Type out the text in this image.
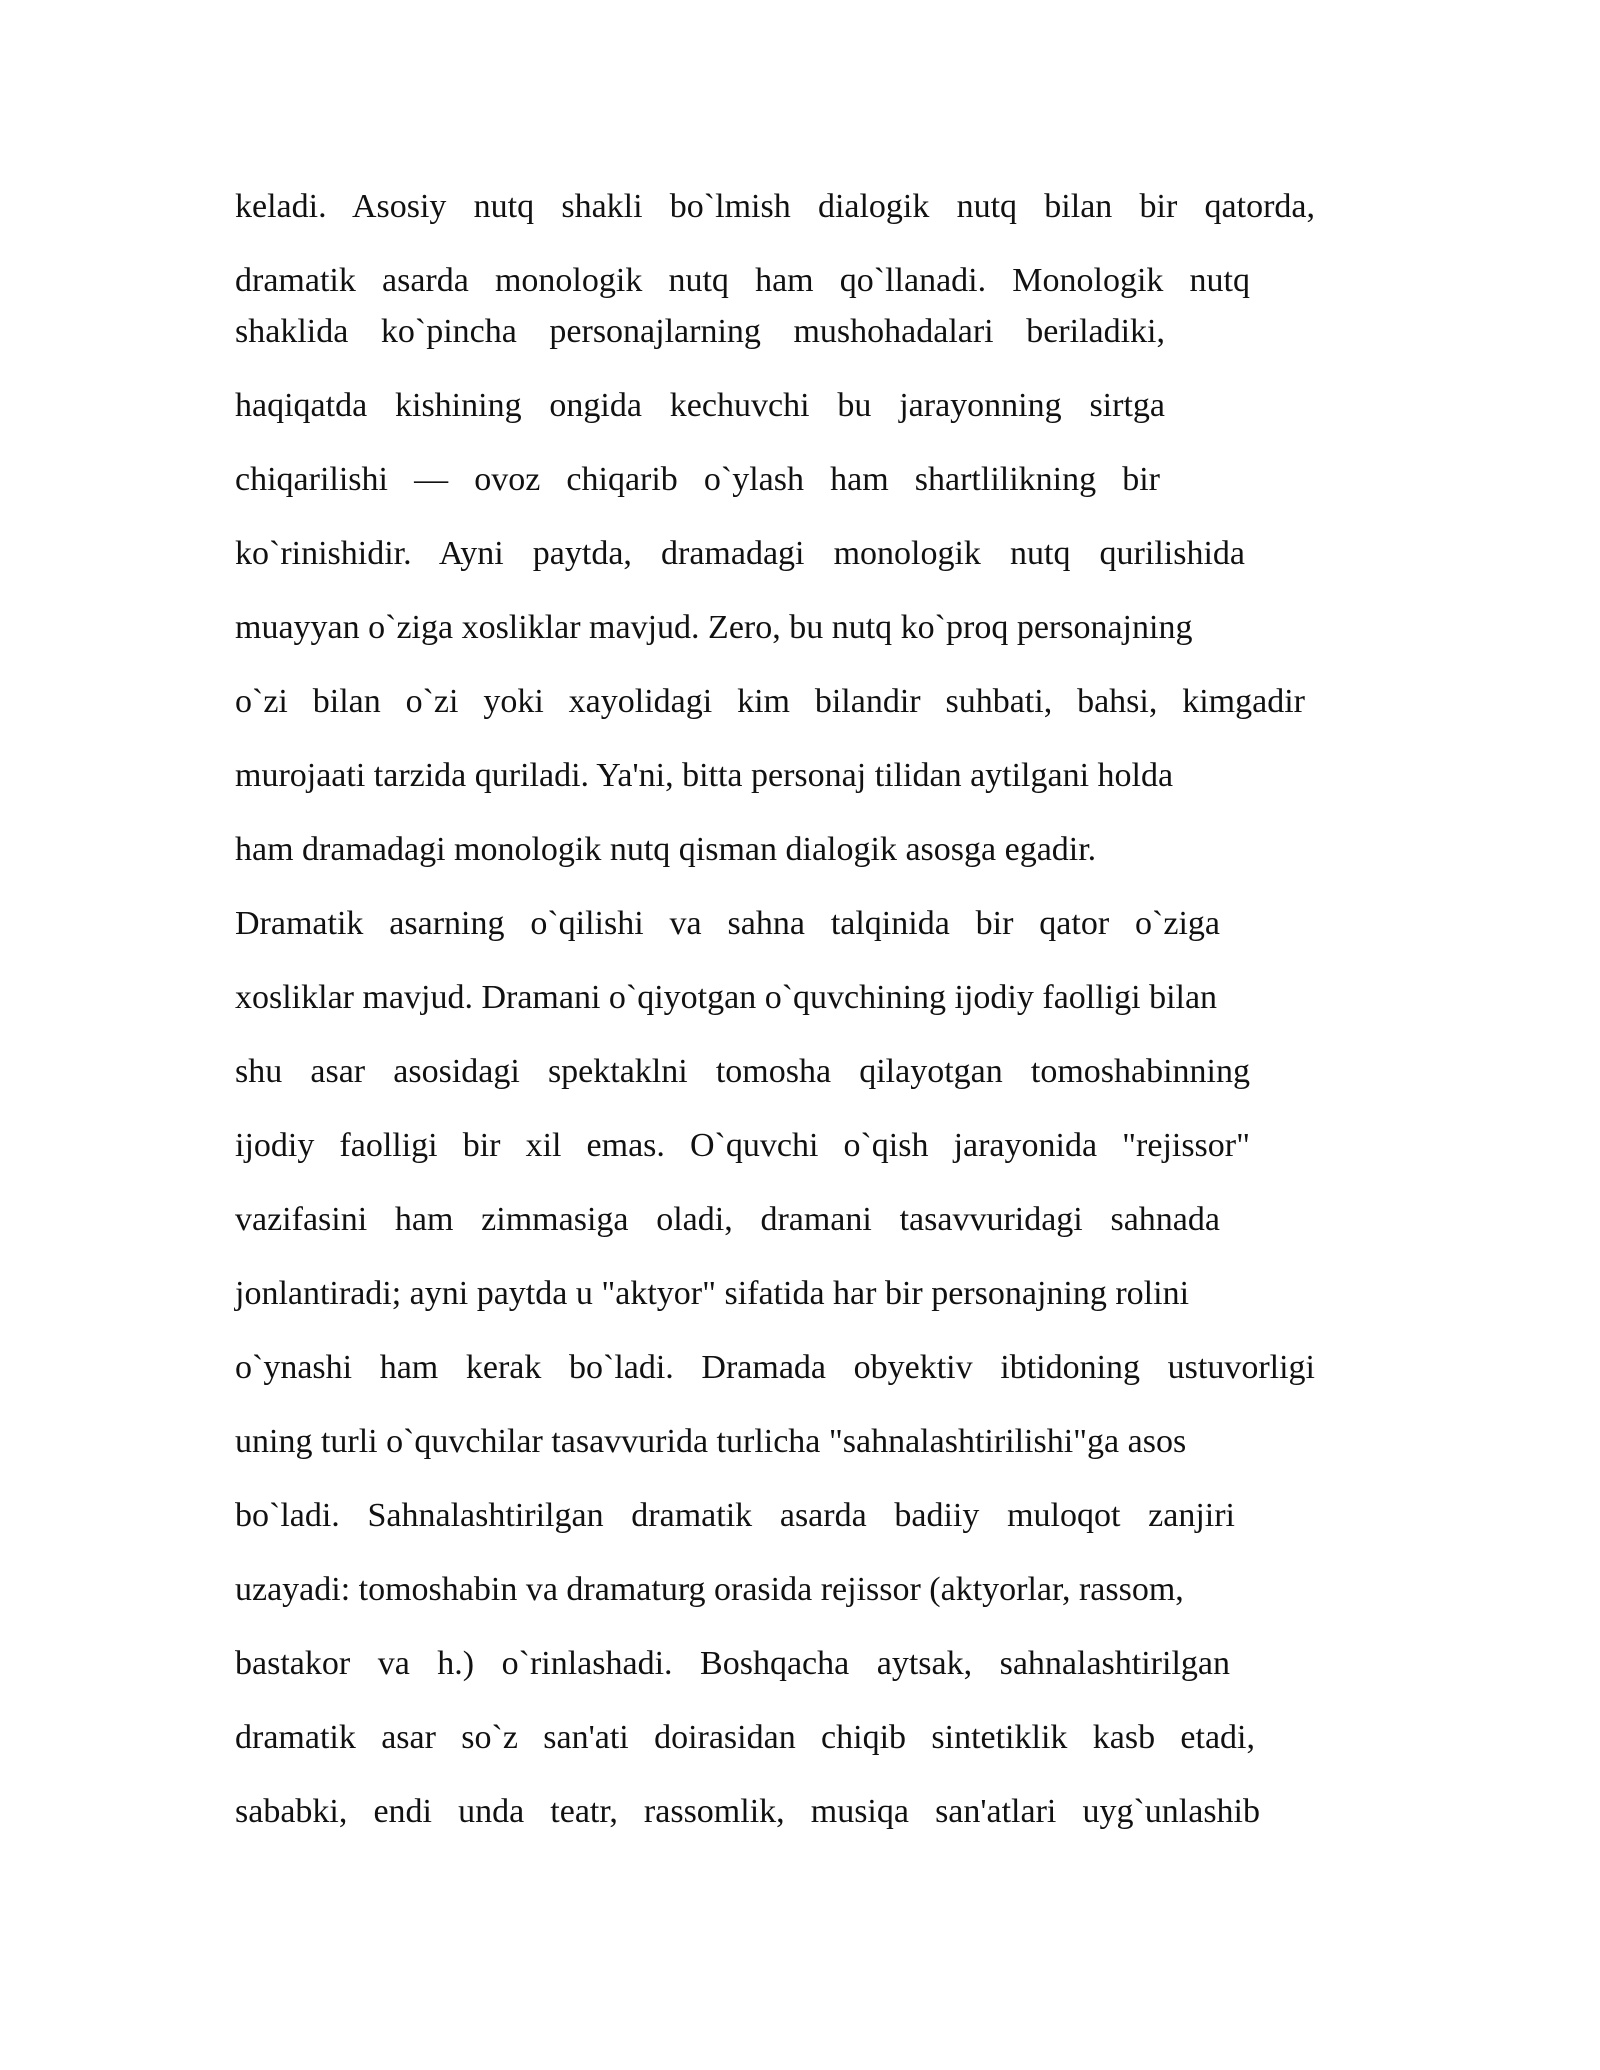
keladi. Asosiy nutq shakli bo`lmish dialogik nutq bilan bir qatorda,
dramatik asarda monologik nutq ham qo`llanadi. Monologik nutq
shaklida ko`pincha personajlarning mushohadalari beriladiki,
haqiqatda kishining ongida kechuvchi bu jarayonning sirtga
chiqarilishi — ovoz chiqarib o`ylash ham shartlilikning bir
ko`rinishidir. Ayni paytda, dramadagi monologik nutq qurilishida
muayyan o`ziga xosliklar mavjud. Zero, bu nutq ko`proq personajning
o`zi bilan o`zi yoki xayolidagi kim bilandir suhbati, bahsi, kimgadir
murojaati tarzida quriladi. Ya'ni, bitta personaj tilidan aytilgani holda
ham dramadagi monologik nutq qisman dialogik asosga egadir.
Dramatik asarning o`qilishi va sahna talqinida bir qator o`ziga
xosliklar mavjud. Dramani o`qiyotgan o`quvchining ijodiy faolligi bilan
shu asar asosidagi spektaklni tomosha qilayotgan tomoshabinning
ijodiy faolligi bir xil emas. O`quvchi o`qish jarayonida "rejissor"
vazifasini ham zimmasiga oladi, dramani tasavvuridagi sahnada
jonlantiradi; ayni paytda u "aktyor" sifatida har bir personajning rolini
o`ynashi ham kerak bo`ladi. Dramada obyektiv ibtidoning ustuvorligi
uning turli o`quvchilar tasavvurida turlicha "sahnalashtirilishi"ga asos
bo`ladi. Sahnalashtirilgan dramatik asarda badiiy muloqot zanjiri
uzayadi: tomoshabin va dramaturg orasida rejissor (aktyorlar, rassom,
bastakor va h.) o`rinlashadi. Boshqacha aytsak, sahnalashtirilgan
dramatik asar so`z san'ati doirasidan chiqib sintetiklik kasb etadi,
sababki, endi unda teatr, rassomlik, musiqa san'atlari uyg`unlashib
